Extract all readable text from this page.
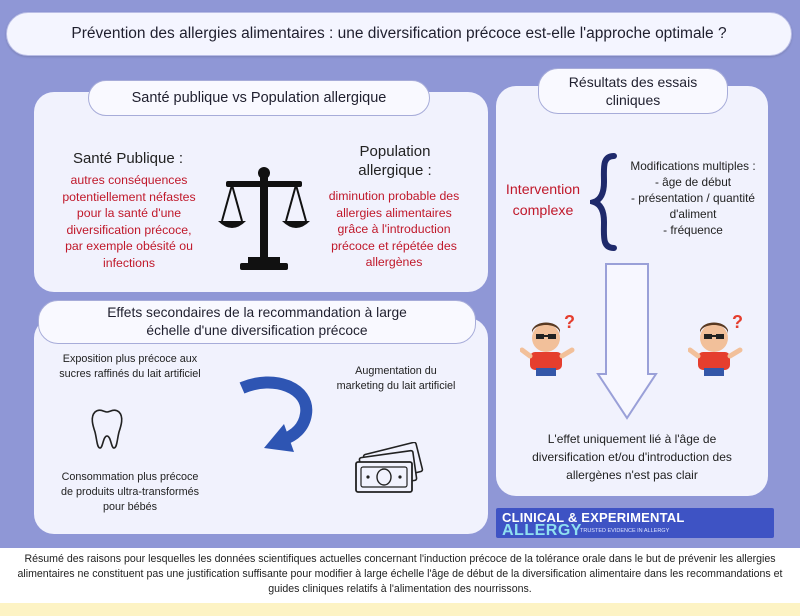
Prévention des allergies alimentaires : une diversification précoce est-elle l'approche optimale ?
Santé publique vs Population allergique
Santé Publique :
autres conséquences
potentiellement néfastes
pour la santé d'une
diversification précoce,
par exemple obésité ou
infections
Population
allergique :
diminution probable des
allergies alimentaires
grâce à l'introduction
précoce et répétée des
allergènes
Effets secondaires de la recommandation à large
échelle d'une diversification précoce
Exposition plus précoce aux
sucres raffinés du lait artificiel	Augmentation du
marketing du lait artificiel
Consommation plus précoce
de produits ultra-transformés
pour bébés
Résultats des essais
cliniques
Intervention
complexe
Modifications multiples :
- âge de début
- présentation / quantité
d'aliment
- fréquence
?	?
L'effet uniquement lié à l'âge de
diversification et/ou d'introduction des
allergènes n'est pas clair
CLINICAL & EXPERIMENTAL
ALLERGY
TRUSTED EVIDENCE IN ALLERGY
Résumé des raisons pour lesquelles les données scientifiques actuelles concernant l'induction précoce de la tolérance orale dans le but de prévenir les allergies alimentaires ne constituent pas une justification suffisante pour modifier à large échelle l'âge de début de la diversification alimentaire dans les recommandations et guides cliniques relatifs à l'alimentation des nourrissons.
